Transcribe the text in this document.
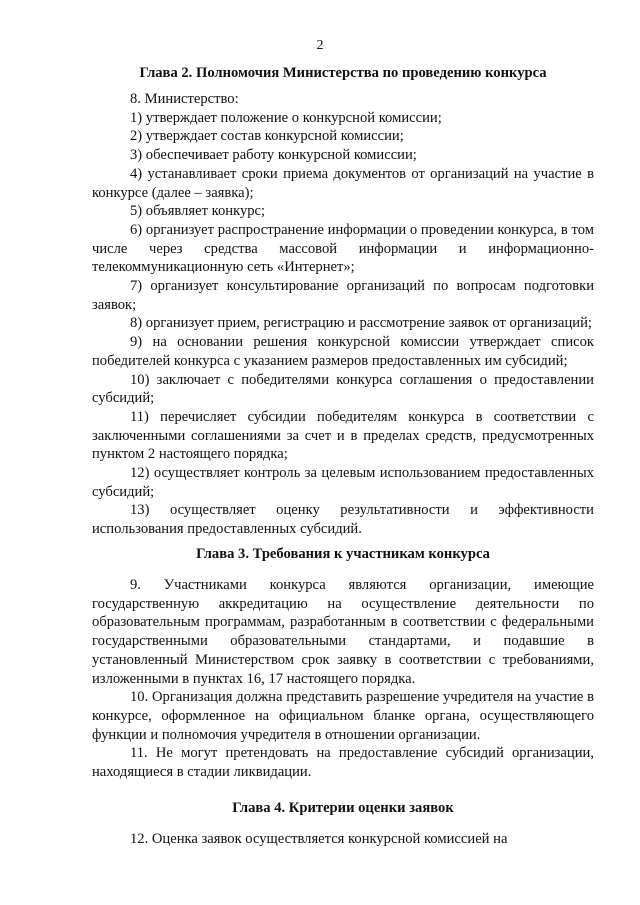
2
Глава 2. Полномочия Министерства по проведению конкурса

8. Министерство:

1) утверждает положение о конкурсной комиссии;

2) утверждает состав конкурсной комиссии;

3) обеспечивает работу конкурсной комиссии;

4) устанавливает сроки приема документов от организаций на участие в конкурсе (далее – заявка);

5) объявляет конкурс;

6) организует распространение информации о проведении конкурса, в том числе через средства массовой информации и информационно-телекоммуникационную сеть «Интернет»;

7) организует консультирование организаций по вопросам подготовки заявок;

8) организует прием, регистрацию и рассмотрение заявок от организаций;

9) на основании решения конкурсной комиссии утверждает список победителей конкурса с указанием размеров предоставленных им субсидий;

10) заключает с победителями конкурса соглашения о предоставлении субсидий;

11) перечисляет субсидии победителям конкурса в соответствии с заключенными соглашениями за счет и в пределах средств, предусмотренных пунктом 2 настоящего порядка;

12) осуществляет контроль за целевым использованием предоставленных субсидий;

13) осуществляет оценку результативности и эффективности использования предоставленных субсидий.

Глава 3. Требования к участникам конкурса

9. Участниками конкурса являются организации, имеющие государственную аккредитацию на осуществление деятельности по образовательным программам, разработанным в соответствии с федеральными государственными образовательными стандартами, и подавшие в установленный Министерством срок заявку в соответствии с требованиями, изложенными в пунктах 16, 17 настоящего порядка.

10. Организация должна представить разрешение учредителя на участие в конкурсе, оформленное на официальном бланке органа, осуществляющего функции и полномочия учредителя в отношении организации.

11. Не могут претендовать на предоставление субсидий организации, находящиеся в стадии ликвидации.

Глава 4. Критерии оценки заявок

12. Оценка заявок осуществляется конкурсной комиссией на
